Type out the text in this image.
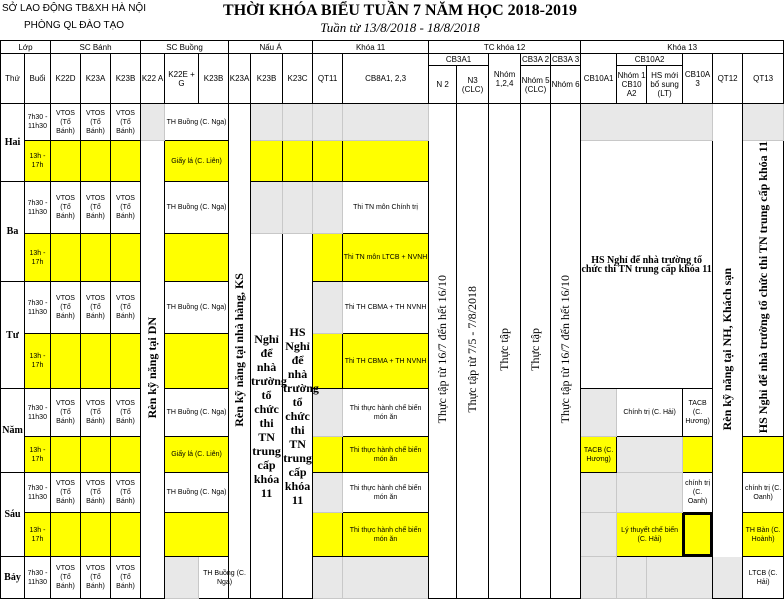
SỞ LAO ĐỘNG TB&XH HÀ NỘI
PHÒNG QL ĐÀO TẠO
THỜI KHÓA BIỂU TUẦN 7 NĂM HỌC 2018-2019
Tuần từ 13/8/2018 - 18/8/2018
Lớp		SC Bánh			SC Buồng			Nấu Á			Khóa 11		TC khóa 12					Khóa 13						
Thứ	Buổi	K22D	K23A	K23B	K22 A	K22E + G	K23B	K23A	K23B	K23C	QT11	CB8A1, 2,3	CB3A1		Nhóm 1,2,4	CB3A 2	CB3A 3	CB10A1	CB10A2		CB10A 3	QT12	QT13	
													N 2	N3 (CLC)		Nhóm 5 (CLC)	Nhóm 6		Nhóm 1 CB10 A2	HS mới bổ sung (LT)				
Hai	7h30 - 11h30	VTOS (Tổ Bánh)	VTOS (Tổ Bánh)	VTOS (Tổ Bánh)		TH Buồng (C. Nga)		Rèn kỹ năng tại nhà hàng, KS					Thực tập từ 16/7 đến hết 16/10	Thực tập từ 7/5 - 7/8/2018	Thực tập	Thực tập	Thực tập từ 16/7 đến hết 16/10					Rèn kỹ năng tại NH, Khách sạn		
	13h - 17h				Rèn kỹ năng tại DN	Giấy lá (C. Liên)												HS Nghỉ để nhà trường tổ chức thi TN trung cấp khóa 11					HS Nghỉ để nhà trường tổ chức thi TN trung cấp khóa 11	
Ba	7h30 - 11h30	VTOS (Tổ Bánh)	VTOS (Tổ Bánh)	VTOS (Tổ Bánh)		TH Buồng (C. Nga)						Thi TN môn Chính trị												
	13h - 17h								Nghỉ để nhà trường tổ chức thi TN trung cấp khóa 11	HS Nghỉ để nhà trường tổ chức thi TN trung cấp khóa 11		Thi TN môn LTCB + NVNH												
Tư	7h30 - 11h30	VTOS (Tổ Bánh)	VTOS (Tổ Bánh)	VTOS (Tổ Bánh)		TH Buồng (C. Nga)						Thi TH CBMA + TH NVNH												
	13h - 17h											Thi TH CBMA + TH NVNH			
Năm	7h30 - 11h30	VTOS (Tổ Bánh)	VTOS (Tổ Bánh)	VTOS (Tổ Bánh)		TH Buồng (C. Nga)						Thi thực hành chế biến món ăn							Chính trị (C. Hải)		TACB (C. Hương)	
	13h - 17h					Giấy lá (C. Liên)						Thi thực hành chế biến món ăn						TACB (C. Hương)						
Sáu	7h30 - 11h30	VTOS (Tổ Bánh)	VTOS (Tổ Bánh)	VTOS (Tổ Bánh)		TH Buồng (C. Nga)						Thi thực hành chế biến món ăn									chính trị (C. Oanh)		chính trị (C. Oanh)	
	13h - 17h											Thi thực hành chế biến món ăn							Lý thuyết chế biến (C. Hải)				TH Bàn (C. Hoành)	
Bảy	7h30 - 11h30	VTOS (Tổ Bánh)	VTOS (Tổ Bánh)	VTOS (Tổ Bánh)			TH Buồng (C. Nga)																LTCB (C. Hải)	
